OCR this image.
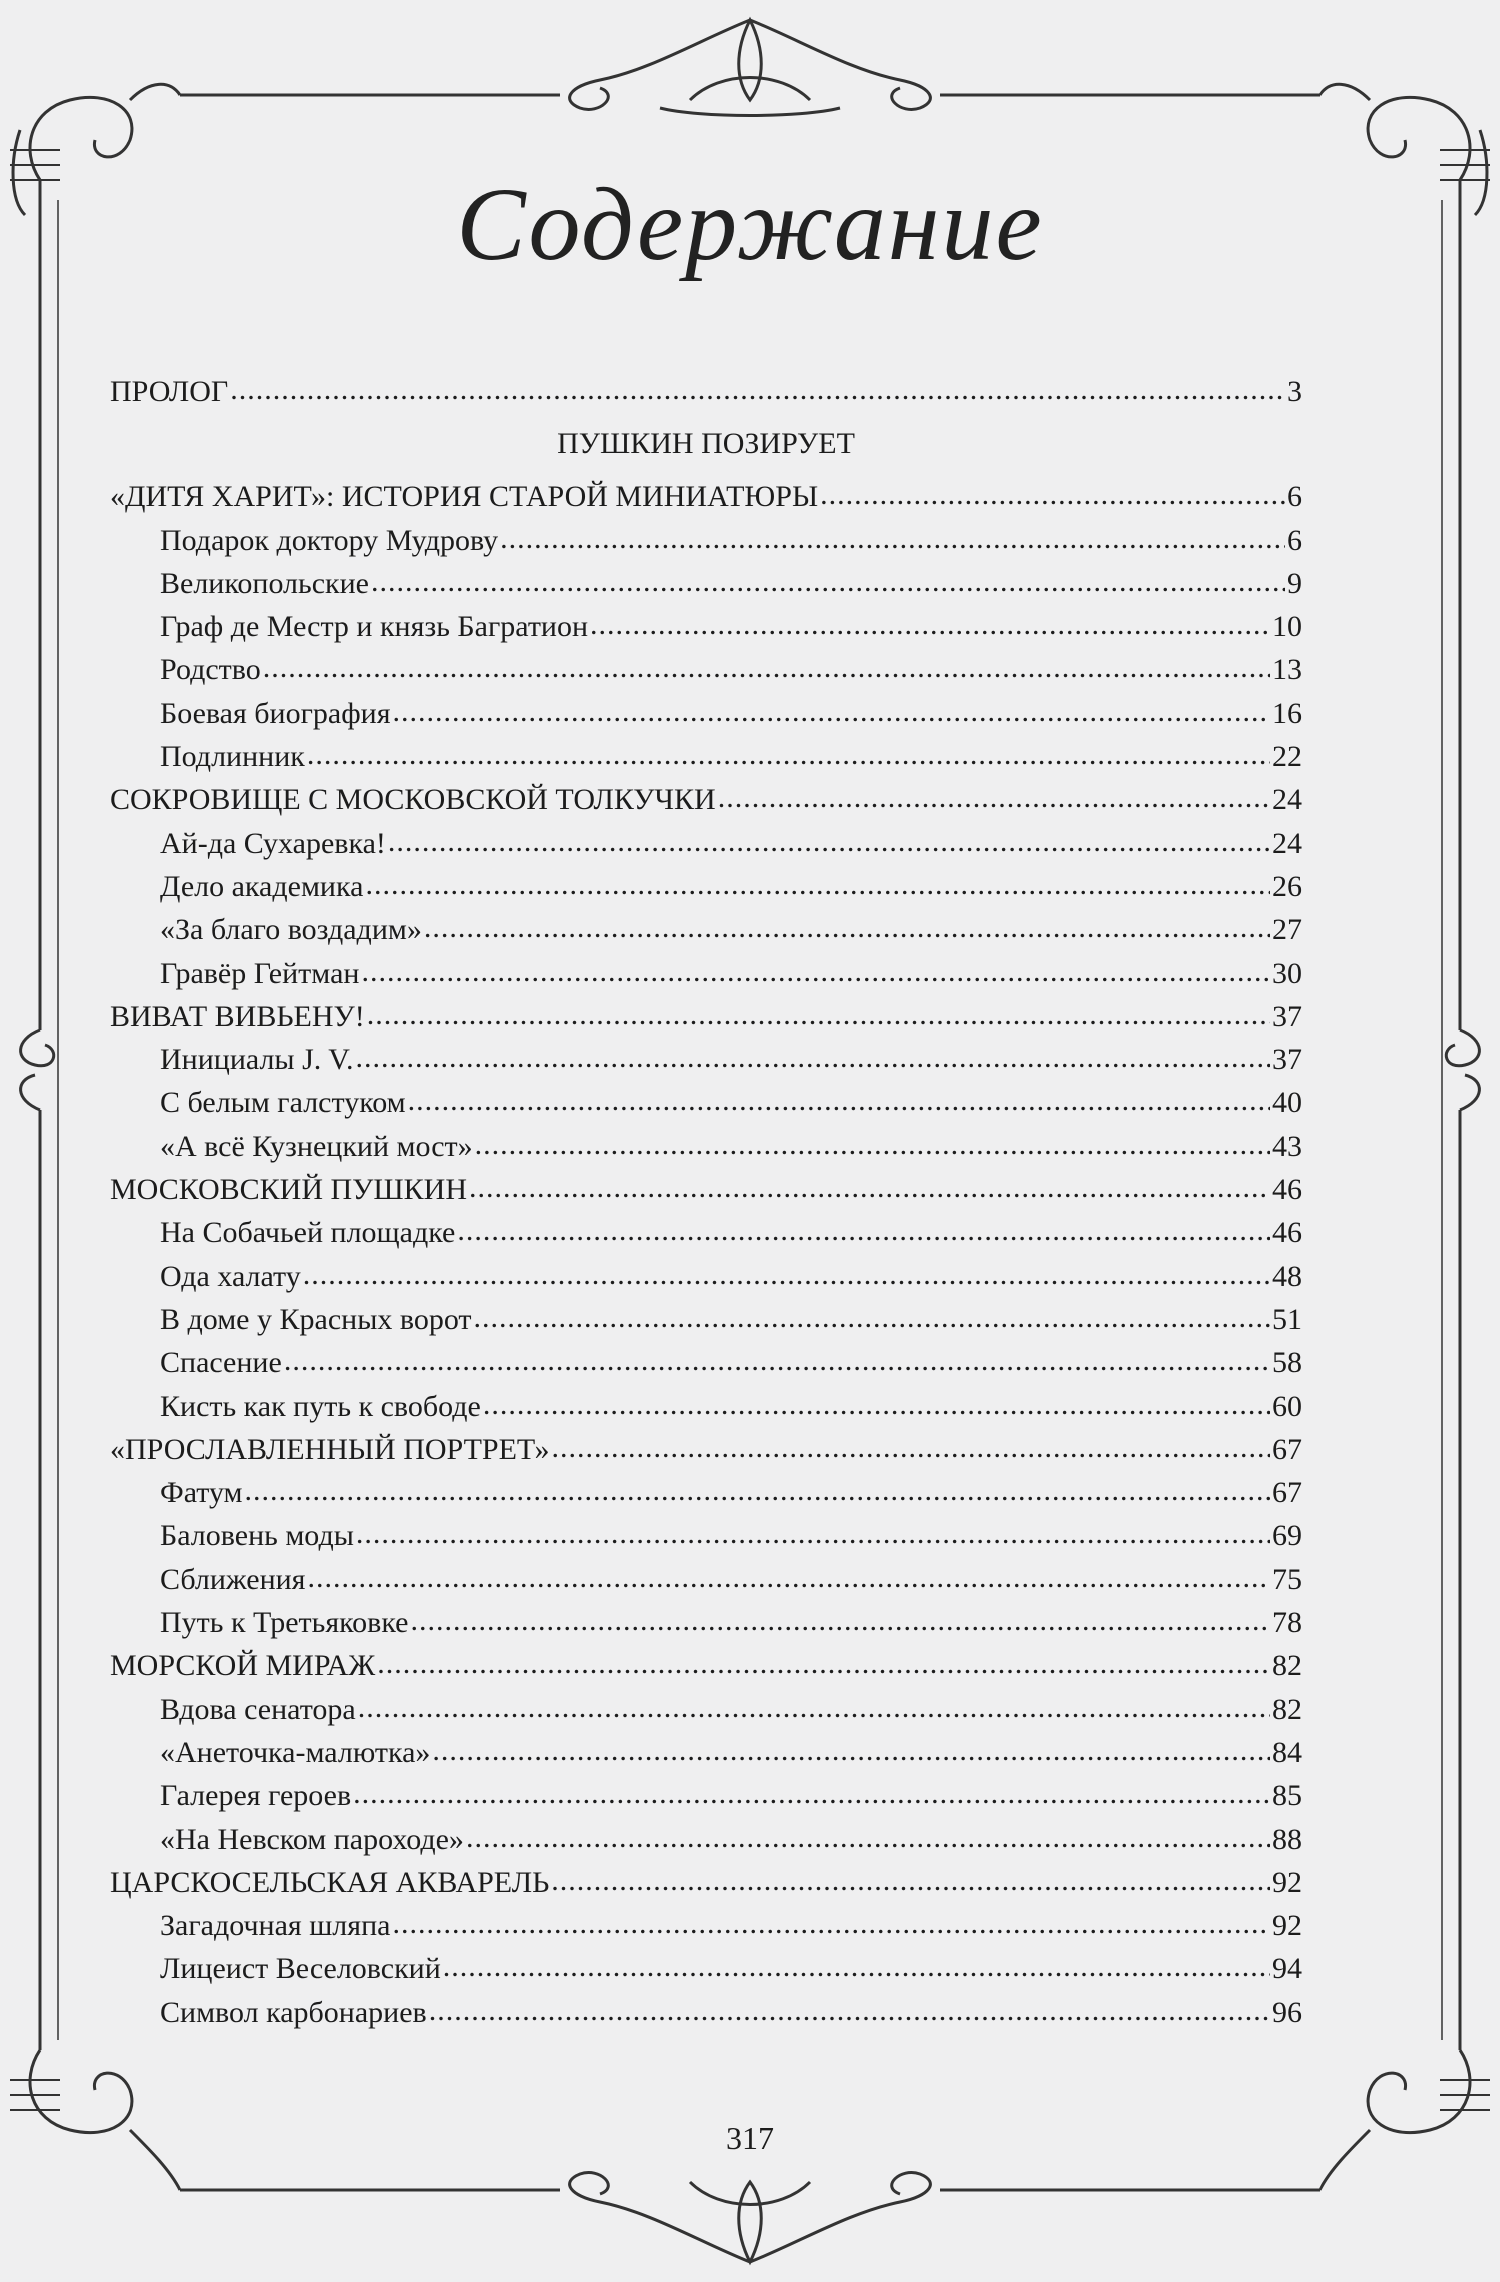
Содержание
ПРОЛОГ .....	3
ПУШКИН ПОЗИРУЕТ
«ДИТЯ ХАРИТ»: ИСТОРИЯ СТАРОЙ МИНИАТЮРЫ .....	6
Подарок доктору Мудрову .....	6
Великопольские .....	9
Граф де Местр и князь Багратион .....	10
Родство .....	13
Боевая биография .....	16
Подлинник .....	22
СОКРОВИЩЕ С МОСКОВСКОЙ ТОЛКУЧКИ .....	24
Ай-да Сухаревка! .....	24
Дело академика .....	26
«За благо воздадим» .....	27
Гравёр Гейтман .....	30
ВИВАТ ВИВЬЕНУ! .....	37
Инициалы J. V. .....	37
С белым галстуком .....	40
«А всё Кузнецкий мост» .....	43
МОСКОВСКИЙ ПУШКИН .....	46
На Собачьей площадке .....	46
Ода халату .....	48
В доме у Красных ворот .....	51
Спасение .....	58
Кисть как путь к свободе .....	60
«ПРОСЛАВЛЕННЫЙ ПОРТРЕТ» .....	67
Фатум .....	67
Баловень моды .....	69
Сближения .....	75
Путь к Третьяковке .....	78
МОРСКОЙ МИРАЖ .....	82
Вдова сенатора .....	82
«Анеточка-малютка» .....	84
Галерея героев .....	85
«На Невском пароходе» .....	88
ЦАРСКОСЕЛЬСКАЯ АКВАРЕЛЬ .....	92
Загадочная шляпа .....	92
Лицеист Веселовский .....	94
Символ карбонариев .....	96
317
